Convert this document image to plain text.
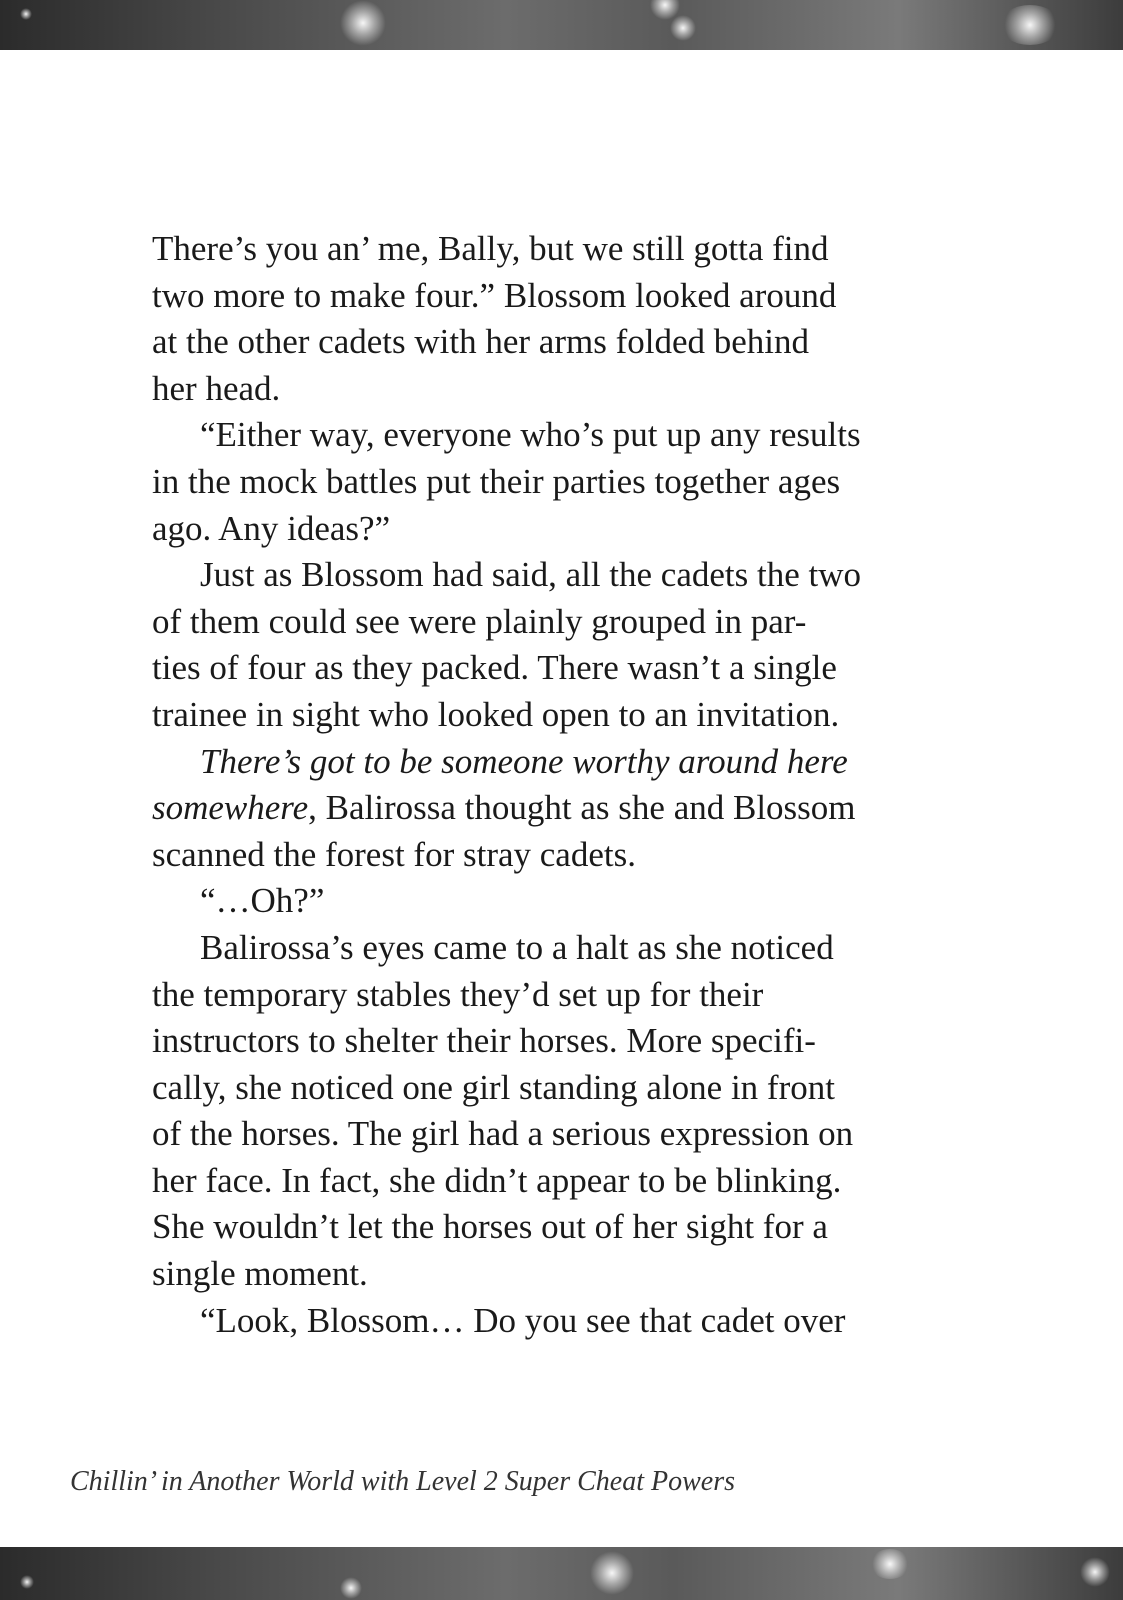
There’s you an’ me, Bally, but we still gotta find
two more to make four.” Blossom looked around
at the other cadets with her arms folded behind
her head.
“Either way, everyone who’s put up any results
in the mock battles put their parties together ages
ago. Any ideas?”
Just as Blossom had said, all the cadets the two
of them could see were plainly grouped in par-
ties of four as they packed. There wasn’t a single
trainee in sight who looked open to an invitation.
There’s got to be someone worthy around here
somewhere, Balirossa thought as she and Blossom
scanned the forest for stray cadets.
“…Oh?”
Balirossa’s eyes came to a halt as she noticed
the temporary stables they’d set up for their
instructors to shelter their horses. More specifi-
cally, she noticed one girl standing alone in front
of the horses. The girl had a serious expression on
her face. In fact, she didn’t appear to be blinking.
She wouldn’t let the horses out of her sight for a
single moment.
“Look, Blossom… Do you see that cadet over
Chillin’ in Another World with Level 2 Super Cheat Powers
